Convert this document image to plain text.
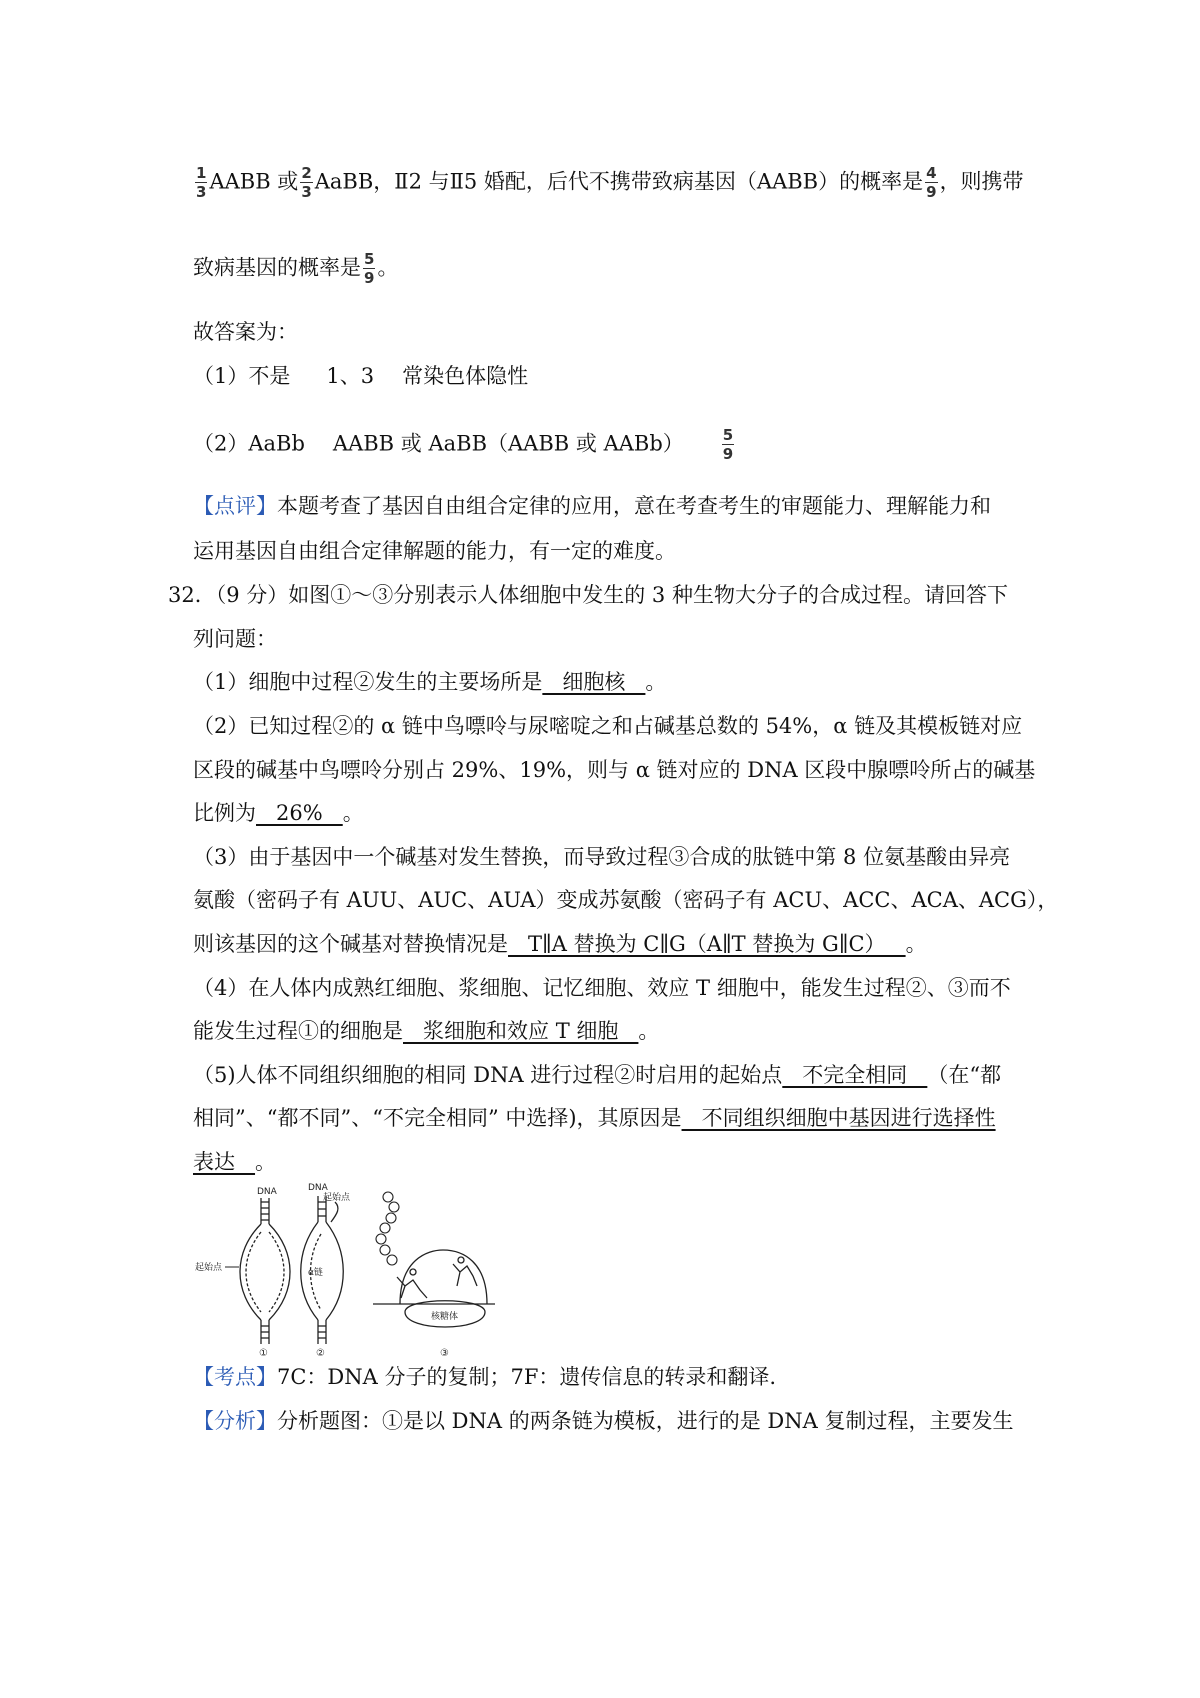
$\frac{1}{3}$ AABB 或 $\frac{2}{3}$ AaBB，Ⅱ2 与Ⅱ5 婚配，后代不携带致病基因（AABB）的概率是 $\frac{4}{9}$ ，则携带
致病基因的概率是 $\frac{5}{9}$ 。
故答案为：
（1）不是 1、3 常染色体隐性
（2）AaBb AABB 或 AaBB（AABB 或 AABb）	$\frac{5}{9}$
【点评】本题考查了基因自由组合定律的应用，意在考查考生的审题能力、理解能力和
运用基因自由组合定律解题的能力，有一定的难度。
32．（9 分）如图①～③分别表示人体细胞中发生的 3 种生物大分子的合成过程。请回答下
列问题：
（1）细胞中过程②发生的主要场所是   细胞核   。
（2）已知过程②的 α 链中鸟嘌呤与尿嘧啶之和占碱基总数的 54%，α 链及其模板链对应
区段的碱基中鸟嘌呤分别占 29%、19%，则与 α 链对应的 DNA 区段中腺嘌呤所占的碱基
比例为   26%   。
（3）由于基因中一个碱基对发生替换，而导致过程③合成的肽链中第 8 位氨基酸由异亮
氨酸（密码子有 AUU、AUC、AUA）变成苏氨酸（密码子有 ACU、ACC、ACA、ACG），
则该基因的这个碱基对替换情况是   T∥A 替换为 C∥G（A∥T 替换为 G∥C）   。
（4）在人体内成熟红细胞、浆细胞、记忆细胞、效应 T 细胞中，能发生过程②、③而不
能发生过程①的细胞是   浆细胞和效应 T 细胞   。
（5)人体不同组织细胞的相同 DNA 进行过程②时启用的起始点   不完全相同   （在“都
相同”、“都不同”、“不完全相同” 中选择)，其原因是   不同组织细胞中基因进行选择性
表达   。
DNA
起始点
①
DNA
起始点
α链
②
核糖体
③
【考点】7C：DNA 分子的复制；7F：遗传信息的转录和翻译.
【分析】分析题图：①是以 DNA 的两条链为模板，进行的是 DNA 复制过程，主要发生
